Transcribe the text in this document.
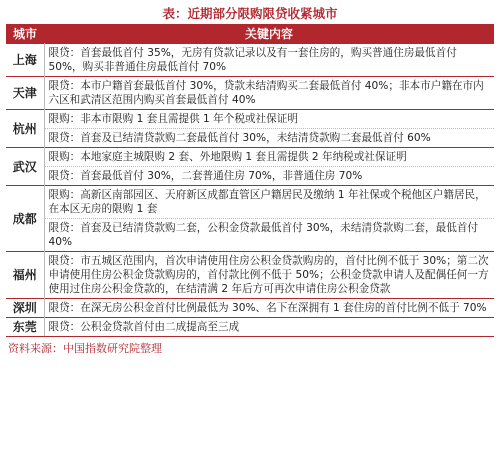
表：近期部分限购限贷收紧城市
城市	关键内容
上海	限贷：首套最低首付 35%，无房有贷款记录以及有一套住房的，购买普通住房最低首付 50%，购买非普通住房最低首付 70%
天津	限贷：本市户籍首套最低首付 30%，贷款未结清购买二套最低首付 40%；非本市户籍在市内六区和武清区范围内购买首套最低首付 40%
杭州	限购：非本市限购 1 套且需提供 1 年个税或社保证明
	限贷：首套及已结清贷款购二套最低首付 30%，未结清贷款购二套最低首付 60%
武汉	限购：本地家庭主城限购 2 套、外地限购 1 套且需提供 2 年纳税或社保证明
	限贷：首套最低首付 30%，二套普通住房 70%，非普通住房 70%
成都	限购：高新区南部园区、天府新区成都直管区户籍居民及缴纳 1 年社保或个税他区户籍居民，在本区无房的限购 1 套
	限贷：首套及已结清贷款购二套，公积金贷款最低首付 30%，未结清贷款购二套，最低首付 40%
福州	限贷：市五城区范围内，首次申请使用住房公积金贷款购房的，首付比例不低于 30%；第二次申请使用住房公积金贷款购房的，首付款比例不低于 50%；公积金贷款申请人及配偶任何一方使用过住房公积金贷款的，在结清满 2 年后方可再次申请住房公积金贷款
深圳	限贷：在深无房公积金首付比例最低为 30%、名下在深拥有 1 套住房的首付比例不低于 70%
东莞	限贷：公积金贷款首付由二成提高至三成
资料来源：中国指数研究院整理
